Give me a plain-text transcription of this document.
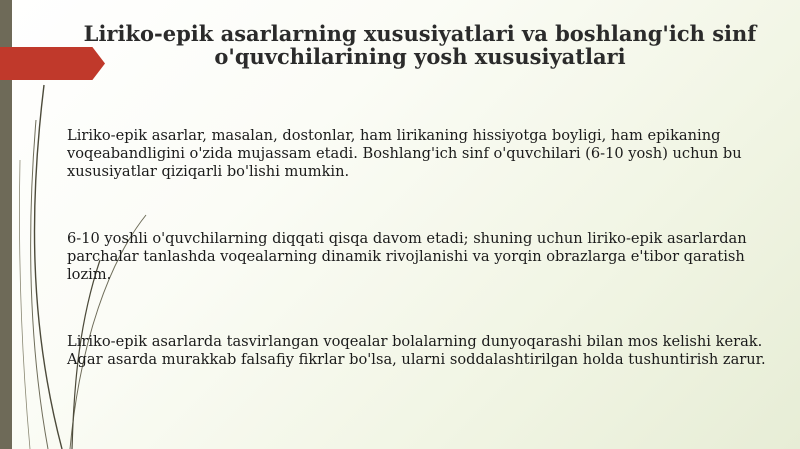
Liriko-epik asarlarning xususiyatlari va boshlang'ich sinf
o'quvchilarining yosh xususiyatlari
Liriko-epik asarlar, masalan, dostonlar, ham lirikaning hissiyotga boyligi, ham epikaning
voqeabandligini o'zida mujassam etadi. Boshlang'ich sinf o'quvchilari (6-10 yosh) uchun bu
xususiyatlar qiziqarli bo'lishi mumkin.
6-10 yoshli o'quvchilarning diqqati qisqa davom etadi; shuning uchun liriko-epik asarlardan
parchalar tanlashda voqealarning dinamik rivojlanishi va yorqin obrazlarga e'tibor qaratish
lozim.
Liriko-epik asarlarda tasvirlangan voqealar bolalarning dunyoqarashi bilan mos kelishi kerak.
Agar asarda murakkab falsafiy fikrlar bo'lsa, ularni soddalashtirilgan holda tushuntirish zarur.
